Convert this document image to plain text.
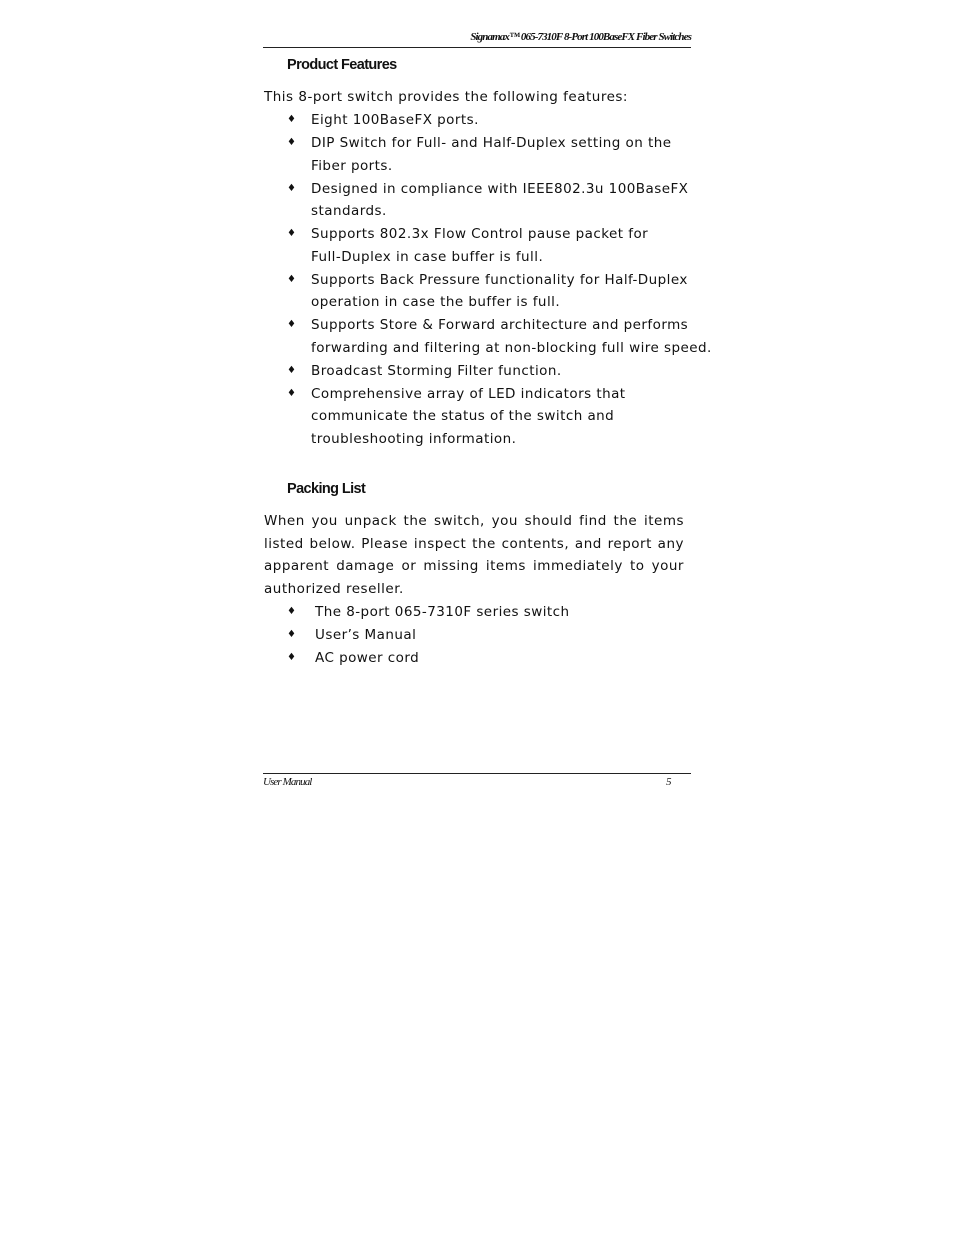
Signamax™ 065-7310F 8-Port 100BaseFX Fiber Switches
Product Features
This 8-port switch provides the following features:
♦ Eight 100BaseFX ports.
♦ DIP Switch for Full- and Half-Duplex setting on the
Fiber ports.
♦ Designed in compliance with IEEE802.3u 100BaseFX
standards.
♦ Supports 802.3x Flow Control pause packet for
Full-Duplex in case buffer is full.
♦ Supports Back Pressure functionality for Half-Duplex
operation in case the buffer is full.
♦ Supports Store & Forward architecture and performs
forwarding and filtering at non-blocking full wire speed.
♦ Broadcast Storming Filter function.
♦ Comprehensive array of LED indicators that
communicate the status of the switch and
troubleshooting information.
Packing List

When you unpack the switch, you should find the items listed below. Please inspect the contents, and report any apparent damage or missing items immediately to your authorized reseller.

♦ The 8-port 065-7310F series switch
♦ User’s Manual
♦ AC power cord
User Manual	5
